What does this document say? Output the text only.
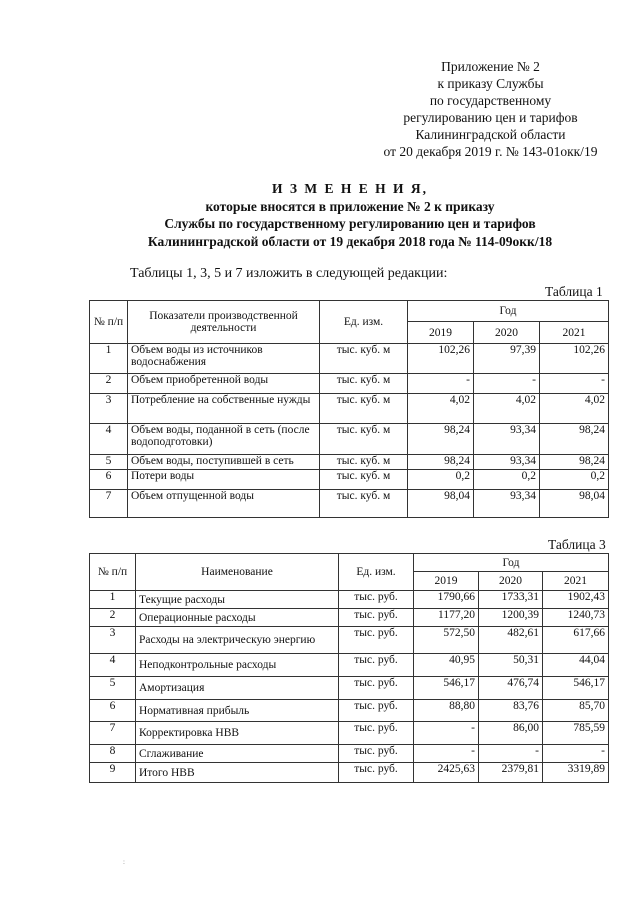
Приложение № 2
к приказу Службы
по государственному
регулированию цен и тарифов
Калининградской области
от 20 декабря 2019 г. № 143-01окк/19
И З М Е Н Е Н И Я,
которые вносятся в приложение № 2 к приказу
Службы по государственному регулированию цен и тарифов
Калининградской области от 19 декабря 2018 года № 114-09окк/18
Таблицы 1, 3, 5 и 7 изложить в следующей редакции:
Таблица 1
№ п/п	Показатели производственной деятельности	Ед. изм.	Год		
			2019	2020	2021
1	Объем воды из источников водоснабжения	тыс. куб. м	102,26	97,39	102,26
2	Объем приобретенной воды	тыс. куб. м	-	-	-
3	Потребление на собственные нужды	тыс. куб. м	4,02	4,02	4,02
4	Объем воды, поданной в сеть (после водоподготовки)	тыс. куб. м	98,24	93,34	98,24
5	Объем воды, поступившей в сеть	тыс. куб. м	98,24	93,34	98,24
6	Потери воды	тыс. куб. м	0,2	0,2	0,2
7	Объем отпущенной воды	тыс. куб. м	98,04	93,34	98,04
Таблица 3
№ п/п	Наименование	Ед. изм.	Год		
			2019	2020	2021
1	Текущие расходы	тыс. руб.	1790,66	1733,31	1902,43
2	Операционные расходы	тыс. руб.	1177,20	1200,39	1240,73
3	Расходы на электрическую энергию	тыс. руб.	572,50	482,61	617,66
4	Неподконтрольные расходы	тыс. руб.	40,95	50,31	44,04
5	Амортизация	тыс. руб.	546,17	476,74	546,17
6	Нормативная прибыль	тыс. руб.	88,80	83,76	85,70
7	Корректировка НВВ	тыс. руб.	-	86,00	785,59
8	Сглаживание	тыс. руб.	-	-	-
9	Итого НВВ	тыс. руб.	2425,63	2379,81	3319,89
:
